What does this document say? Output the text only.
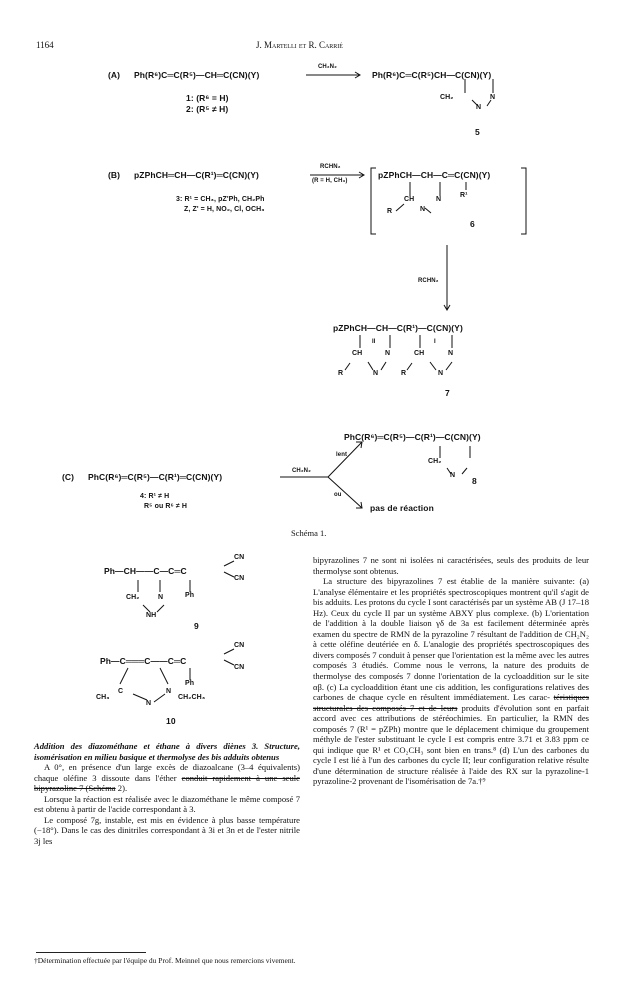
1164	J. Martelli et R. Carrié
(A) Ph(R⁶)C═C(R⁵)—CH═C(CN)(Y)
CH₂N₂
Ph(R⁶)C═C(R⁵)CH—C(CN)(Y)
CH₂	N
N
1: (R⁶ = H)
2: (R⁵ ≠ H)
5
(B) pZPhCH═CH—C(R¹)═C(CN)(Y)
RCHN₂
(R = H, CH₃)
3: R¹ = CH₃, pZ'Ph, CH₂Ph
Z, Z' = H, NO₂, Cl, OCH₃
pZPhCH—CH—C═C(CN)(Y)
R¹
CH
R
N
N
6
RCHN₂
pZPhCH—CH—C(R¹)—C(CN)(Y)
II	I
CH	N	CH	N
R	N	R	N
7
PhC(R⁶)═C(R⁵)—C(R¹)—C(CN)(Y)
CH₂
N
8
lent
(C) PhC(R⁶)═C(R⁵)—C(R¹)═C(CN)(Y)
CH₂N₂
ou
4: R¹ ≠ H
R⁵ ou R⁶ ≠ H	pas de réaction
Schéma 1.
Ph—CH——C—C═C
CN
CN
CH₂	N	Ph
NH
9
Ph—C═══C——C═C
CN
CN
Ph
CH₃
C
N
N
CH₂CH₃
10

Addition des diazométhane et éthane à divers diènes 3. Structure, isomérisation en milieu basique et thermolyse des bis adduits obtenus

A 0°, en présence d'un large excès de diazoalcane (3–4 équivalents) chaque oléfine 3 dissoute dans l'éther conduit rapidement à une seule bipyrazoline 7 (Schéma 2).

Lorsque la réaction est réalisée avec le diazométhane le même composé 7 est obtenu à partir de l'acide correspondant à 3.

Le composé 7g, instable, est mis en évidence à plus basse température (−18°). Dans le cas des dinitriles correspondant à 3i et 3n et de l'ester nitrile 3j les

†Détermination effectuée par l'équipe du Prof. Meinnel que nous remercions vivement.

bipyrazolines 7 ne sont ni isolées ni caractérisées, seuls des produits de leur thermolyse sont obtenus.

La structure des bipyrazolines 7 est établie de la manière suivante: (a) L'analyse élémentaire et les propriétés spectroscopiques montrent qu'il s'agit de bis adduits. Les protons du cycle I sont caractérisés par un système AB (J 17–18 Hz). Ceux du cycle II par un système ABXY plus complexe. (b) L'orientation de l'addition à la double liaison γδ de 3a est facilement déterminée après examen du spectre de RMN de la pyrazoline 7 résultant de l'addition de CH₂N₂ à cette oléfine deutériée en δ. L'analogie des propriétés spectroscopiques des divers composés 7 conduit à penser que l'orientation est la même avec les autres composés 3 étudiés. Comme nous le verrons, la nature des produits de thermolyse des composés 7 donne l'orientation de la cycloaddition sur le site αβ. (c) La cycloaddition étant une cis addition, les configurations relatives des carbones de chaque cycle en résultent immédiatement. Les carac- téristiques structurales des composés 7 et de leurs produits d'évolution sont en parfait accord avec ces attributions de stéréochimies. En particulier, la RMN des composés 7 (R¹ = pZPh) montre que le déplacement chimique du groupement méthyle de l'ester substituant le cycle I est compris entre 3.71 et 3.83 ppm ce qui indique que R¹ et CO₂CH₃ sont bien en trans.⁸ (d) L'un des carbones du cycle I est lié à l'un des carbones du cycle II; leur configuration relative résulte d'une détermination de structure réalisée à l'aide des RX sur la pyrazoline-1 pyrazoline-2 provenant de l'isomérisation de 7a.†⁹
